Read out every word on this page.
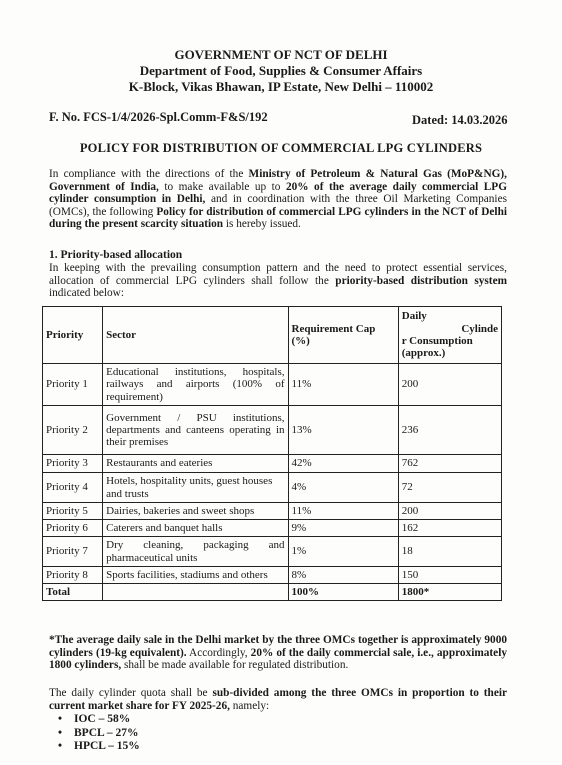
GOVERNMENT OF NCT OF DELHI
Department of Food, Supplies & Consumer Affairs
K-Block, Vikas Bhawan, IP Estate, New Delhi – 110002
F. No. FCS-1/4/2026-Spl.Comm-F&S/192	Dated: 14.03.2026
POLICY FOR DISTRIBUTION OF COMMERCIAL LPG CYLINDERS
In compliance with the directions of the Ministry of Petroleum & Natural Gas (MoP&NG), Government of India, to make available up to 20% of the average daily commercial LPG cylinder consumption in Delhi, and in coordination with the three Oil Marketing Companies (OMCs), the following Policy for distribution of commercial LPG cylinders in the NCT of Delhi during the present scarcity situation is hereby issued.
1. Priority-based allocation
In keeping with the prevailing consumption pattern and the need to protect essential services, allocation of commercial LPG cylinders shall follow the priority-based distribution system indicated below:
Priority	Sector	Requirement Cap (%)	Daily
Cylinde
r Consumption (approx.)

Priority 1	Educational institutions, hospitals, railways and airports (100% of requirement)	11%	200
Priority 2	Government / PSU institutions, departments and canteens operating in their premises	13%	236
Priority 3	Restaurants and eateries	42%	762
Priority 4	Hotels, hospitality units, guest houses and trusts	4%	72
Priority 5	Dairies, bakeries and sweet shops	11%	200
Priority 6	Caterers and banquet halls	9%	162
Priority 7	Dry cleaning, packaging and pharmaceutical units	1%	18
Priority 8	Sports facilities, stadiums and others	8%	150
Total		100%	1800*
*The average daily sale in the Delhi market by the three OMCs together is approximately 9000 cylinders (19-kg equivalent). Accordingly, 20% of the daily commercial sale, i.e., approximately 1800 cylinders, shall be made available for regulated distribution.
The daily cylinder quota shall be sub-divided among the three OMCs in proportion to their current market share for FY 2025-26, namely:
• IOC – 58%
• BPCL – 27%
• HPCL – 15%
